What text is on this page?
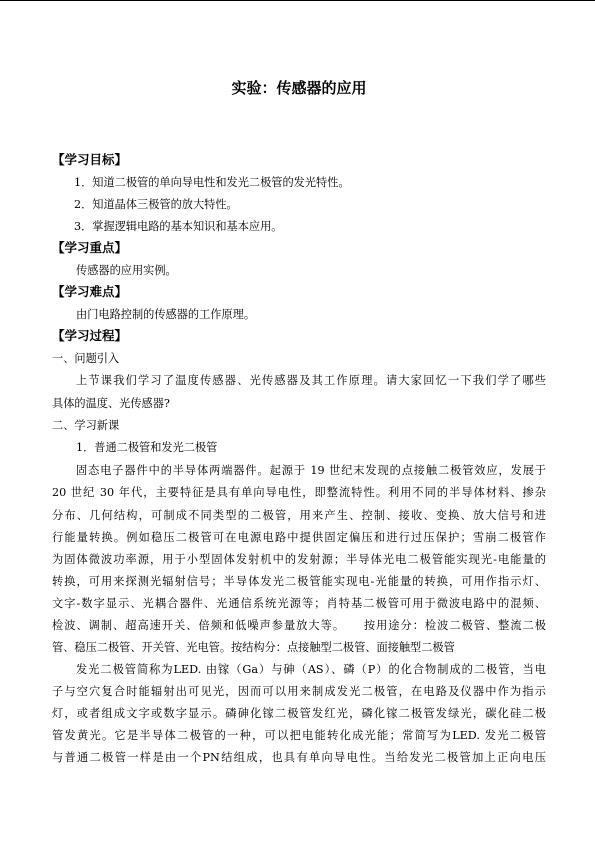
实验：传感器的应用
【学习目标】
1．知道二极管的单向导电性和发光二极管的发光特性。
2．知道晶体三极管的放大特性。
3．掌握逻辑电路的基本知识和基本应用。
【学习重点】
传感器的应用实例。
【学习难点】
由门电路控制的传感器的工作原理。
【学习过程】
一、问题引入
上节课我们学习了温度传感器、光传感器及其工作原理。请大家回忆一下我们学了哪些
具体的温度、光传感器?
二、学习新课
1．普通二极管和发光二极管
固态电子器件中的半导体两端器件。起源于 19 世纪末发现的点接触二极管效应，发展于
20 世纪 30 年代，主要特征是具有单向导电性，即整流特性。利用不同的半导体材料、掺杂
分布、几何结构，可制成不同类型的二极管，用来产生、控制、接收、变换、放大信号和进
行能量转换。例如稳压二极管可在电源电路中提供固定偏压和进行过压保护；雪崩二极管作
为固体微波功率源，用于小型固体发射机中的发射源；半导体光电二极管能实现光-电能量的
转换，可用来探测光辐射信号；半导体发光二极管能实现电-光能量的转换，可用作指示灯、
文字-数字显示、光耦合器件、光通信系统光源等；肖特基二极管可用于微波电路中的混频、
检波、调制、超高速开关、倍频和低噪声参量放大等。　　按用途分：检波二极管、整流二极
管、稳压二极管、开关管、光电管。按结构分：点接触型二极管、面接触型二极管
发光二极管简称为LED. 由镓（Ga）与砷（AS）、磷（P）的化合物制成的二极管，当电
子与空穴复合时能辐射出可见光，因而可以用来制成发光二极管，在电路及仪器中作为指示
灯，或者组成文字或数字显示。磷砷化镓二极管发红光，磷化镓二极管发绿光，碳化硅二极
管发黄光。它是半导体二极管的一种，可以把电能转化成光能；常简写为LED. 发光二极管
与普通二极管一样是由一个PN结组成，也具有单向导电性。当给发光二极管加上正向电压
